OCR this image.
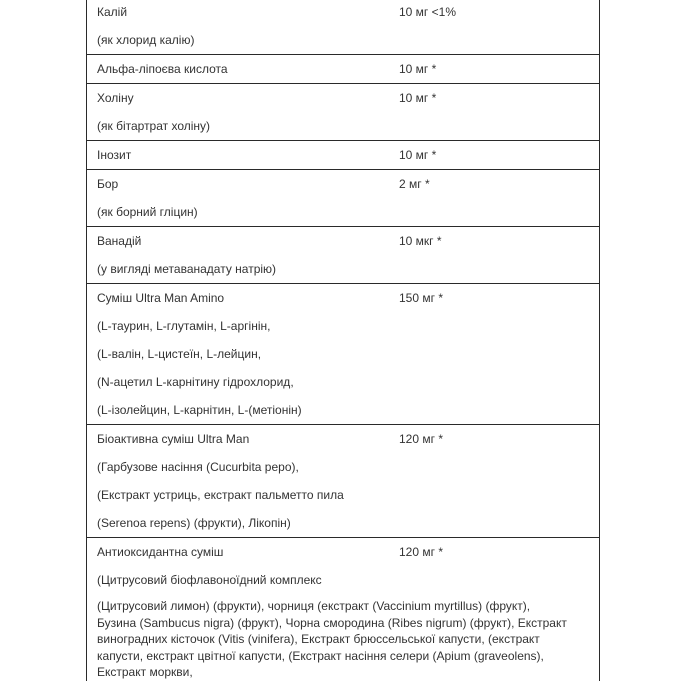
Калій
(як хлорид калію)
10 мг <1%
Альфа-ліпоєва кислота	10 мг *
Холіну
(як бітартрат холіну)
10 мг *
Інозит	10 мг *
Бор
(як борний гліцин)
2 мг *
Ванадій
(у вигляді метаванадату натрію)
10 мкг *
Суміш Ultra Man Amino
(L-таурин, L-глутамін, L-аргінін,
(L-валін, L-цистеїн, L-лейцин,
(N-ацетил L-карнітину гідрохлорид,
(L-ізолейцин, L-карнітин, L-(метіонін)
150 мг *
Біоактивна суміш Ultra Man
(Гарбузове насіння (Cucurbita pepo),
(Екстракт устриць, екстракт пальметто пила
(Serenoa repens) (фрукти), Лікопін)
120 мг *
Антиоксидантна суміш
(Цитрусовий біофлавоноїдний комплекс
120 мг *

(Цитрусовий лимон) (фрукти), чорниця (екстракт (Vaccinium myrtillus) (фрукт), Бузина (Sambucus nigra) (фрукт), Чорна смородина (Ribes nigrum) (фрукт), Екстракт виноградних кісточок (Vitis (vinifera), Екстракт брюссельської капусти, (екстракт капусти, екстракт цвітної капусти, (Екстракт насіння селери (Apium (graveolens), Екстракт моркви,
